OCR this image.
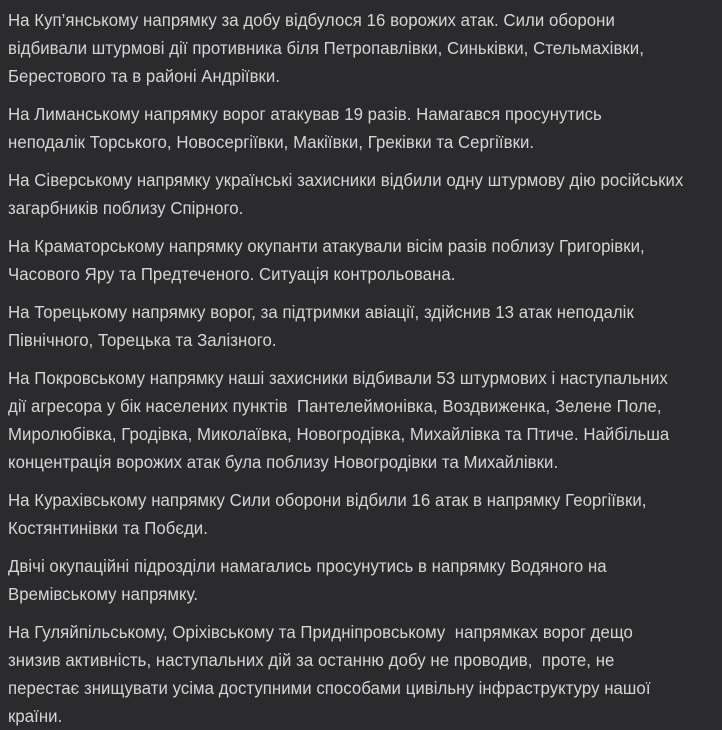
На Куп’янському напрямку за добу відбулося 16 ворожих атак. Сили оборони відбивали штурмові дії противника біля Петропавлівки, Синьківки, Стельмахівки, Берестового та в районі Андріївки.

На Лиманському напрямку ворог атакував 19 разів. Намагався просунутись неподалік Торського, Новосергіївки, Макіївки, Греківки та Сергіївки.

На Сіверському напрямку українські захисники відбили одну штурмову дію російських загарбників поблизу Спірного.

На Краматорському напрямку окупанти атакували вісім разів поблизу Григорівки, Часового Яру та Предтеченого. Ситуація контрольована.

На Торецькому напрямку ворог, за підтримки авіації, здійснив 13 атак неподалік Північного, Торецька та Залізного.

На Покровському напрямку наші захисники відбивали 53 штурмових і наступальних дії агресора у бік населених пунктів  Пантелеймонівка, Воздвиженка, Зелене Поле, Миролюбівка, Гродівка, Миколаївка, Новогродівка, Михайлівка та Птиче. Найбільша концентрація ворожих атак була поблизу Новогродівки та Михайлівки.

На Курахівському напрямку Сили оборони відбили 16 атак в напрямку Георгіївки, Костянтинівки та Побєди.

Двічі окупаційні підрозділи намагались просунутись в напрямку Водяного на Времівському напрямку.

На Гуляйпільському, Оріхівському та Придніпровському  напрямках ворог дещо знизив активність, наступальних дій за останню добу не проводив,  проте, не перестає знищувати усіма доступними способами цивільну інфраструктуру нашої країни.
